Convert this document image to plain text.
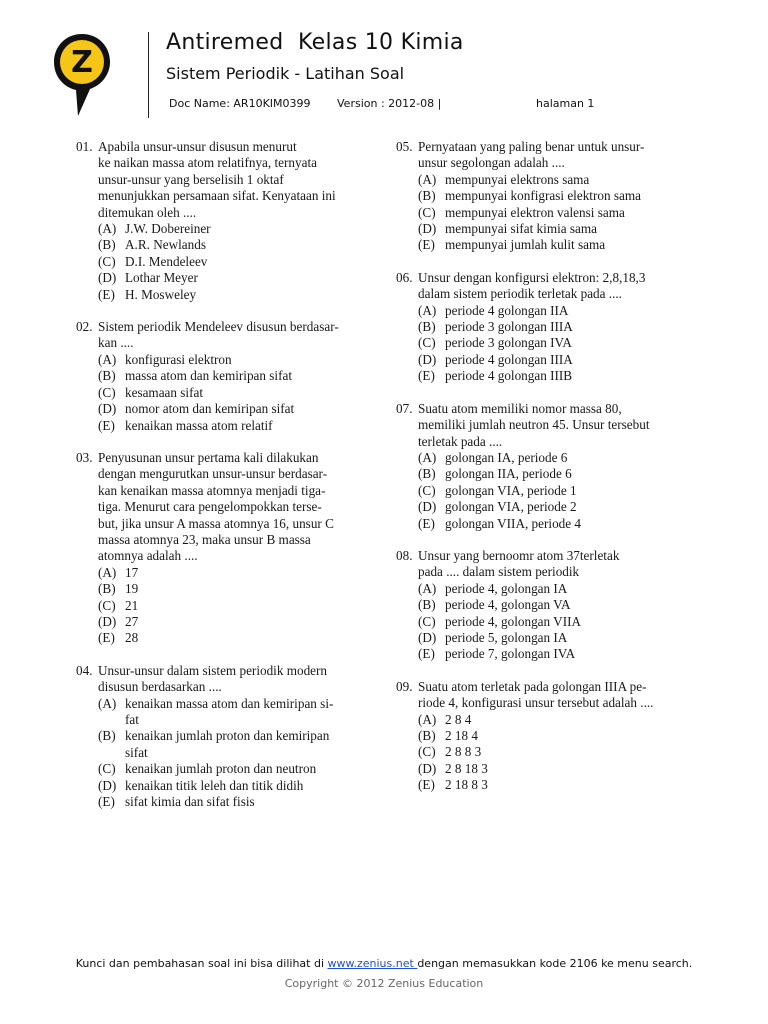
Z
Antiremed  Kelas 10 Kimia
Sistem Periodik - Latihan Soal
Doc Name: AR10KIM0399 Version : 2012-08 |	halaman 1
01. Apabila unsur-unsur disusun menurut
ke naikan massa atom relatifnya, ternyata
unsur-unsur yang berselisih 1 oktaf
menunjukkan persamaan sifat. Kenyataan ini
ditemukan oleh ....
(A) J.W. Dobereiner
(B) A.R. Newlands
(C) D.I. Mendeleev
(D) Lothar Meyer
(E) H. Mosweley
02. Sistem periodik Mendeleev disusun berdasar-
kan ....
(A) konfigurasi elektron
(B) massa atom dan kemiripan sifat
(C) kesamaan sifat
(D) nomor atom dan kemiripan sifat
(E) kenaikan massa atom relatif
03. Penyusunan unsur pertama kali dilakukan
dengan mengurutkan unsur-unsur berdasar-
kan kenaikan massa atomnya menjadi tiga-
tiga. Menurut cara pengelompokkan terse-
but, jika unsur A massa atomnya 16, unsur C
massa atomnya 23, maka unsur B massa
atomnya adalah ....
(A) 17
(B) 19
(C) 21
(D) 27
(E) 28
04. Unsur-unsur dalam sistem periodik modern
disusun berdasarkan ....
(A) kenaikan massa atom dan kemiripan si-
fat
(B) kenaikan jumlah proton dan kemiripan
sifat
(C) kenaikan jumlah proton dan neutron
(D) kenaikan titik leleh dan titik didih
(E) sifat kimia dan sifat fisis
05. Pernyataan yang paling benar untuk unsur-
unsur segolongan adalah ....
(A) mempunyai elektrons sama
(B) mempunyai konfigrasi elektron sama
(C) mempunyai elektron valensi sama
(D) mempunyai sifat kimia sama
(E) mempunyai jumlah kulit sama
06. Unsur dengan konfigursi elektron: 2,8,18,3
dalam sistem periodik terletak pada ....
(A) periode 4 golongan IIA
(B) periode 3 golongan IIIA
(C) periode 3 golongan IVA
(D) periode 4 golongan IIIA
(E) periode 4 golongan IIIB
07. Suatu atom memiliki nomor massa 80,
memiliki jumlah neutron 45. Unsur tersebut
terletak pada ....
(A) golongan IA, periode 6
(B) golongan IIA, periode 6
(C) golongan VIA, periode 1
(D) golongan VIA, periode 2
(E) golongan VIIA, periode 4
08. Unsur yang bernoomr atom 37terletak
pada .... dalam sistem periodik
(A) periode 4, golongan IA
(B) periode 4, golongan VA
(C) periode 4, golongan VIIA
(D) periode 5, golongan IA
(E) periode 7, golongan IVA
09. Suatu atom terletak pada golongan IIIA pe-
riode 4, konfigurasi unsur tersebut adalah ....
(A) 2 8 4
(B) 2 18 4
(C) 2 8 8 3
(D) 2 8 18 3
(E) 2 18 8 3
Kunci dan pembahasan soal ini bisa dilihat di www.zenius.net dengan memasukkan kode 2106 ke menu search.
Copyright © 2012 Zenius Education
